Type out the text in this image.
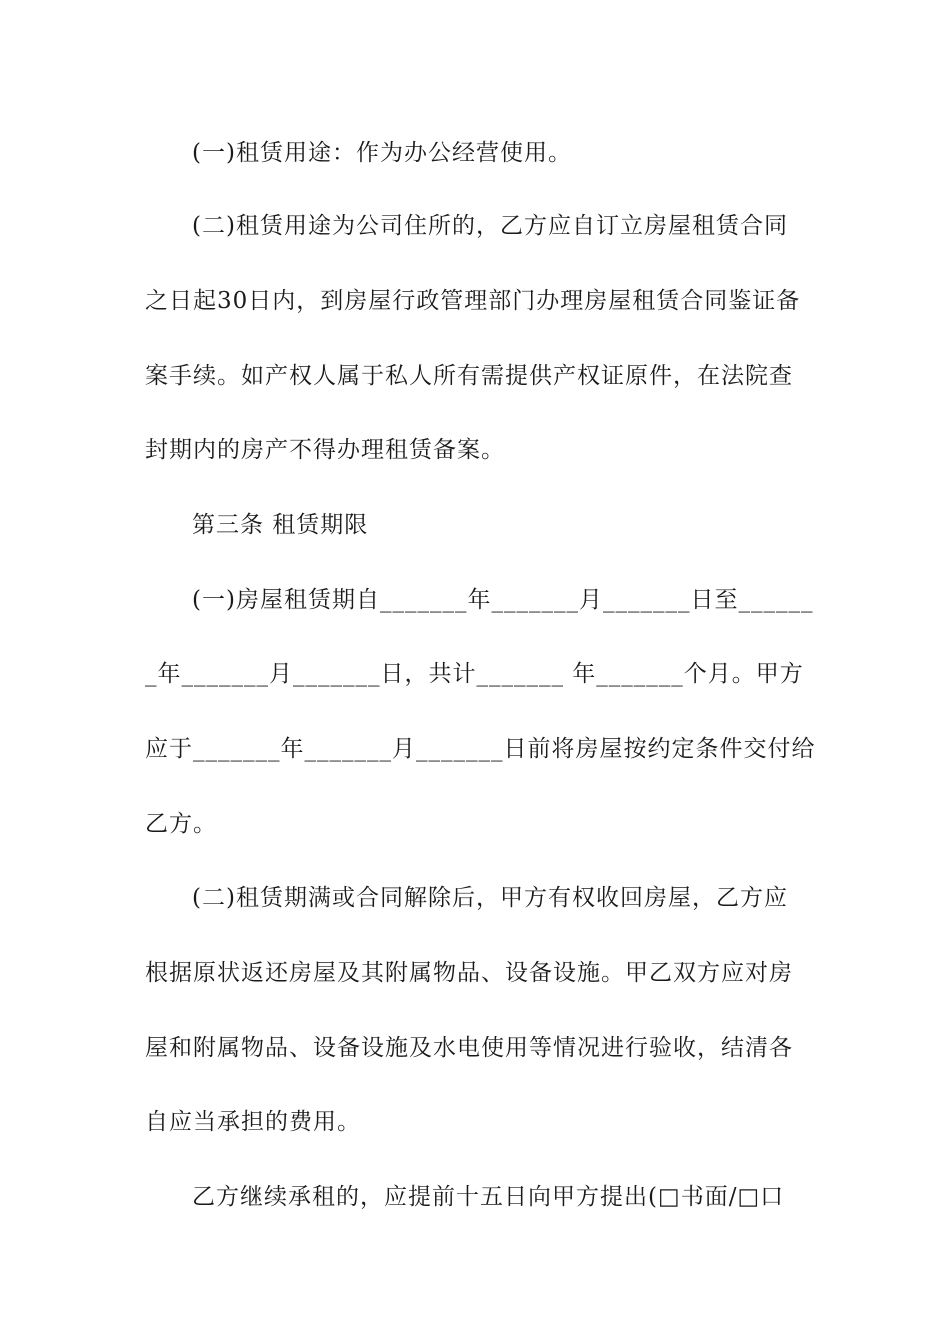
(一)租赁用途：作为办公经营使用。

(二)租赁用途为公司住所的，乙方应自订立房屋租赁合同

之日起30日内，到房屋行政管理部门办理房屋租赁合同鉴证备

案手续。如产权人属于私人所有需提供产权证原件，在法院查

封期内的房产不得办理租赁备案。

第三条 租赁期限

(一)房屋租赁期自_______年_______月_______日至______

_年_______月_______日，共计_______ 年_______个月。甲方

应于_______年_______月_______日前将房屋按约定条件交付给

乙方。

(二)租赁期满或合同解除后，甲方有权收回房屋，乙方应

根据原状返还房屋及其附属物品、设备设施。甲乙双方应对房

屋和附属物品、设备设施及水电使用等情况进行验收，结清各

自应当承担的费用。

乙方继续承租的，应提前十五日向甲方提出(□书面/□口
